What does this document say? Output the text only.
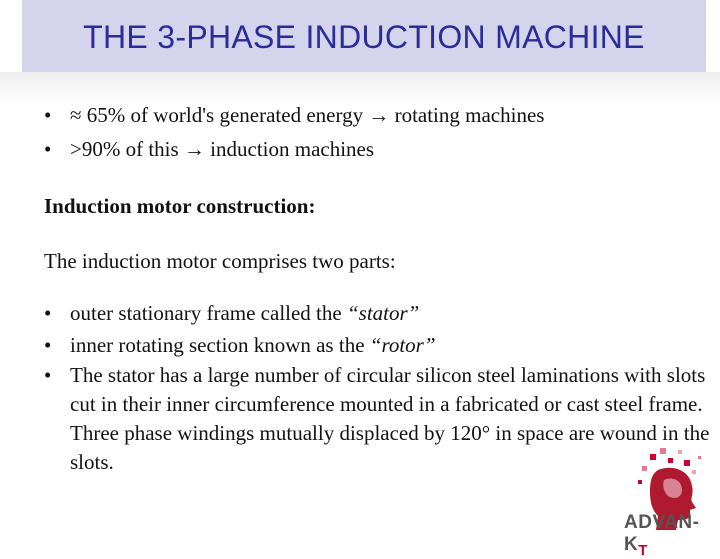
THE 3-PHASE INDUCTION MACHINE
• ≈ 65% of world's generated energy → rotating machines
• >90% of this → induction machines
Induction motor construction:
The induction motor comprises two parts:
• outer stationary frame called the “stator”
• inner rotating section known as the “rotor”
• The stator has a large number of circular silicon steel laminations with slots cut in their inner circumference mounted in a fabricated or cast steel frame. Three phase windings mutually displaced by 120° in space are wound in the slots.
ADVAN-$K_T$
